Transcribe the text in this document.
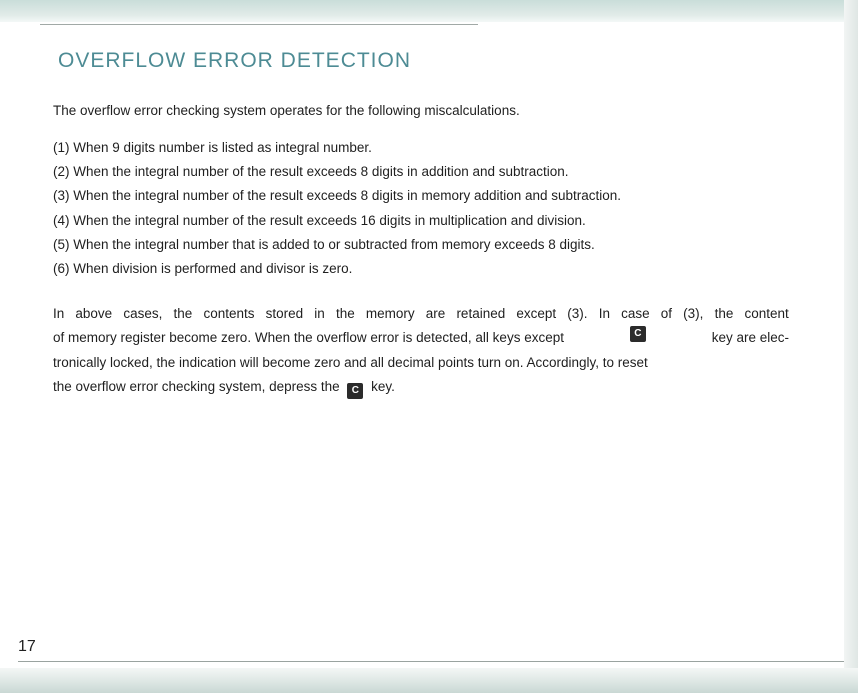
OVERFLOW ERROR DETECTION

The overflow error checking system operates for the following miscalculations.

(1) When 9 digits number is listed as integral number.
(2) When the integral number of the result exceeds 8 digits in addition and subtraction.
(3) When the integral number of the result exceeds 8 digits in memory addition and subtraction.
(4) When the integral number of the result exceeds 16 digits in multiplication and division.
(5) When the integral number that is added to or subtracted from memory exceeds 8 digits.
(6) When division is performed and divisor is zero.
In above cases, the contents stored in the memory are retained except (3). In case of (3), the content
of memory register become zero. When the overflow error is detected, all keys except	C	key are elec-
tronically locked, the indication will become zero and all decimal points turn on. Accordingly, to reset
the overflow error checking system, depress the C key.
17
